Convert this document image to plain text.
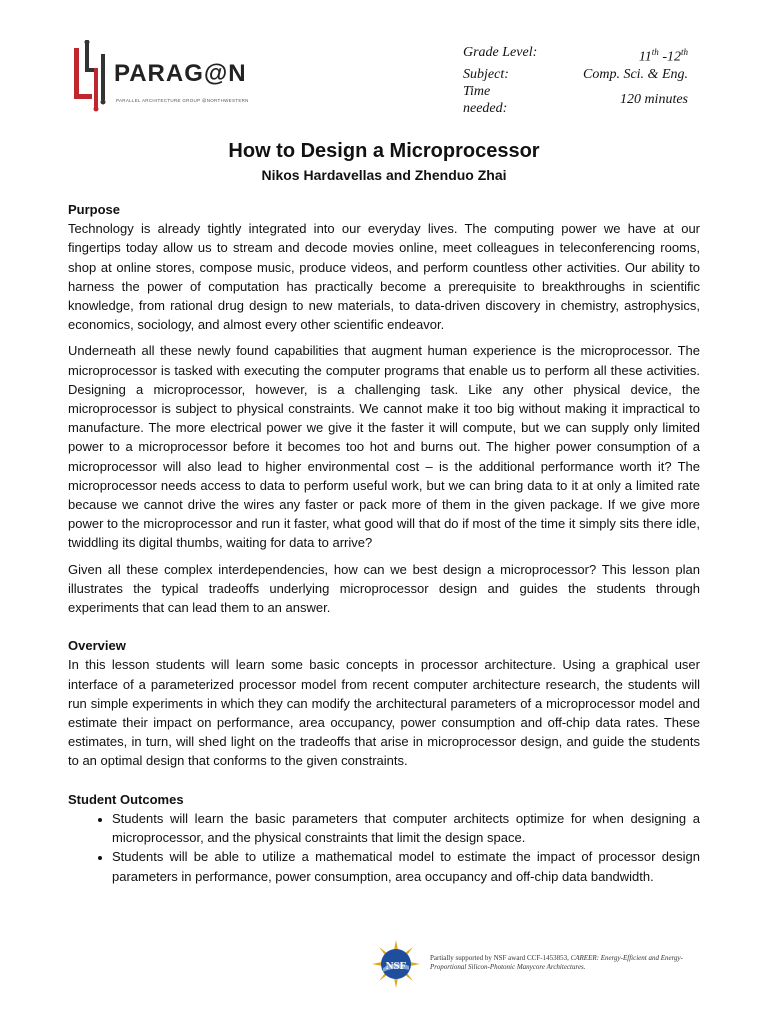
PARAG@N
PARALLEL ARCHITECTURE GROUP @NORTHWESTERN
Grade Level:	11th -12th
Subject:	Comp. Sci. & Eng.
Time needed:
120 minutes
How to Design a Microprocessor
Nikos Hardavellas and Zhenduo Zhai
Purpose

Technology is already tightly integrated into our everyday lives. The computing power we have at our fingertips today allow us to stream and decode movies online, meet colleagues in teleconferencing rooms, shop at online stores, compose music, produce videos, and perform countless other activities. Our ability to harness the power of computation has practically become a prerequisite to breakthroughs in scientific knowledge, from rational drug design to new materials, to data-driven discovery in chemistry, astrophysics, economics, sociology, and almost every other scientific endeavor.

Underneath all these newly found capabilities that augment human experience is the microprocessor. The microprocessor is tasked with executing the computer programs that enable us to perform all these activities. Designing a microprocessor, however, is a challenging task. Like any other physical device, the microprocessor is subject to physical constraints. We cannot make it too big without making it impractical to manufacture. The more electrical power we give it the faster it will compute, but we can supply only limited power to a microprocessor before it becomes too hot and burns out. The higher power consumption of a microprocessor will also lead to higher environmental cost – is the additional performance worth it? The microprocessor needs access to data to perform useful work, but we can bring data to it at only a limited rate because we cannot drive the wires any faster or pack more of them in the given package. If we give more power to the microprocessor and run it faster, what good will that do if most of the time it simply sits there idle, twiddling its digital thumbs, waiting for data to arrive?

Given all these complex interdependencies, how can we best design a microprocessor? This lesson plan illustrates the typical tradeoffs underlying microprocessor design and guides the students through experiments that can lead them to an answer.

Overview

In this lesson students will learn some basic concepts in processor architecture. Using a graphical user interface of a parameterized processor model from recent computer architecture research, the students will run simple experiments in which they can modify the architectural parameters of a microprocessor model and estimate their impact on performance, area occupancy, power consumption and off-chip data rates. These estimates, in turn, will shed light on the tradeoffs that arise in microprocessor design, and guide the students to an optimal design that conforms to the given constraints.

Student Outcomes
• Students will learn the basic parameters that computer architects optimize for when designing a microprocessor, and the physical constraints that limit the design space.
• Students will be able to utilize a mathematical model to estimate the impact of processor design parameters in performance, power consumption, area occupancy and off-chip data bandwidth.
NSF
Partially supported by NSF award CCF-1453853, CAREER: Energy-Efficient and Energy-Proportional Silicon-Photonic Manycore Architectures.
